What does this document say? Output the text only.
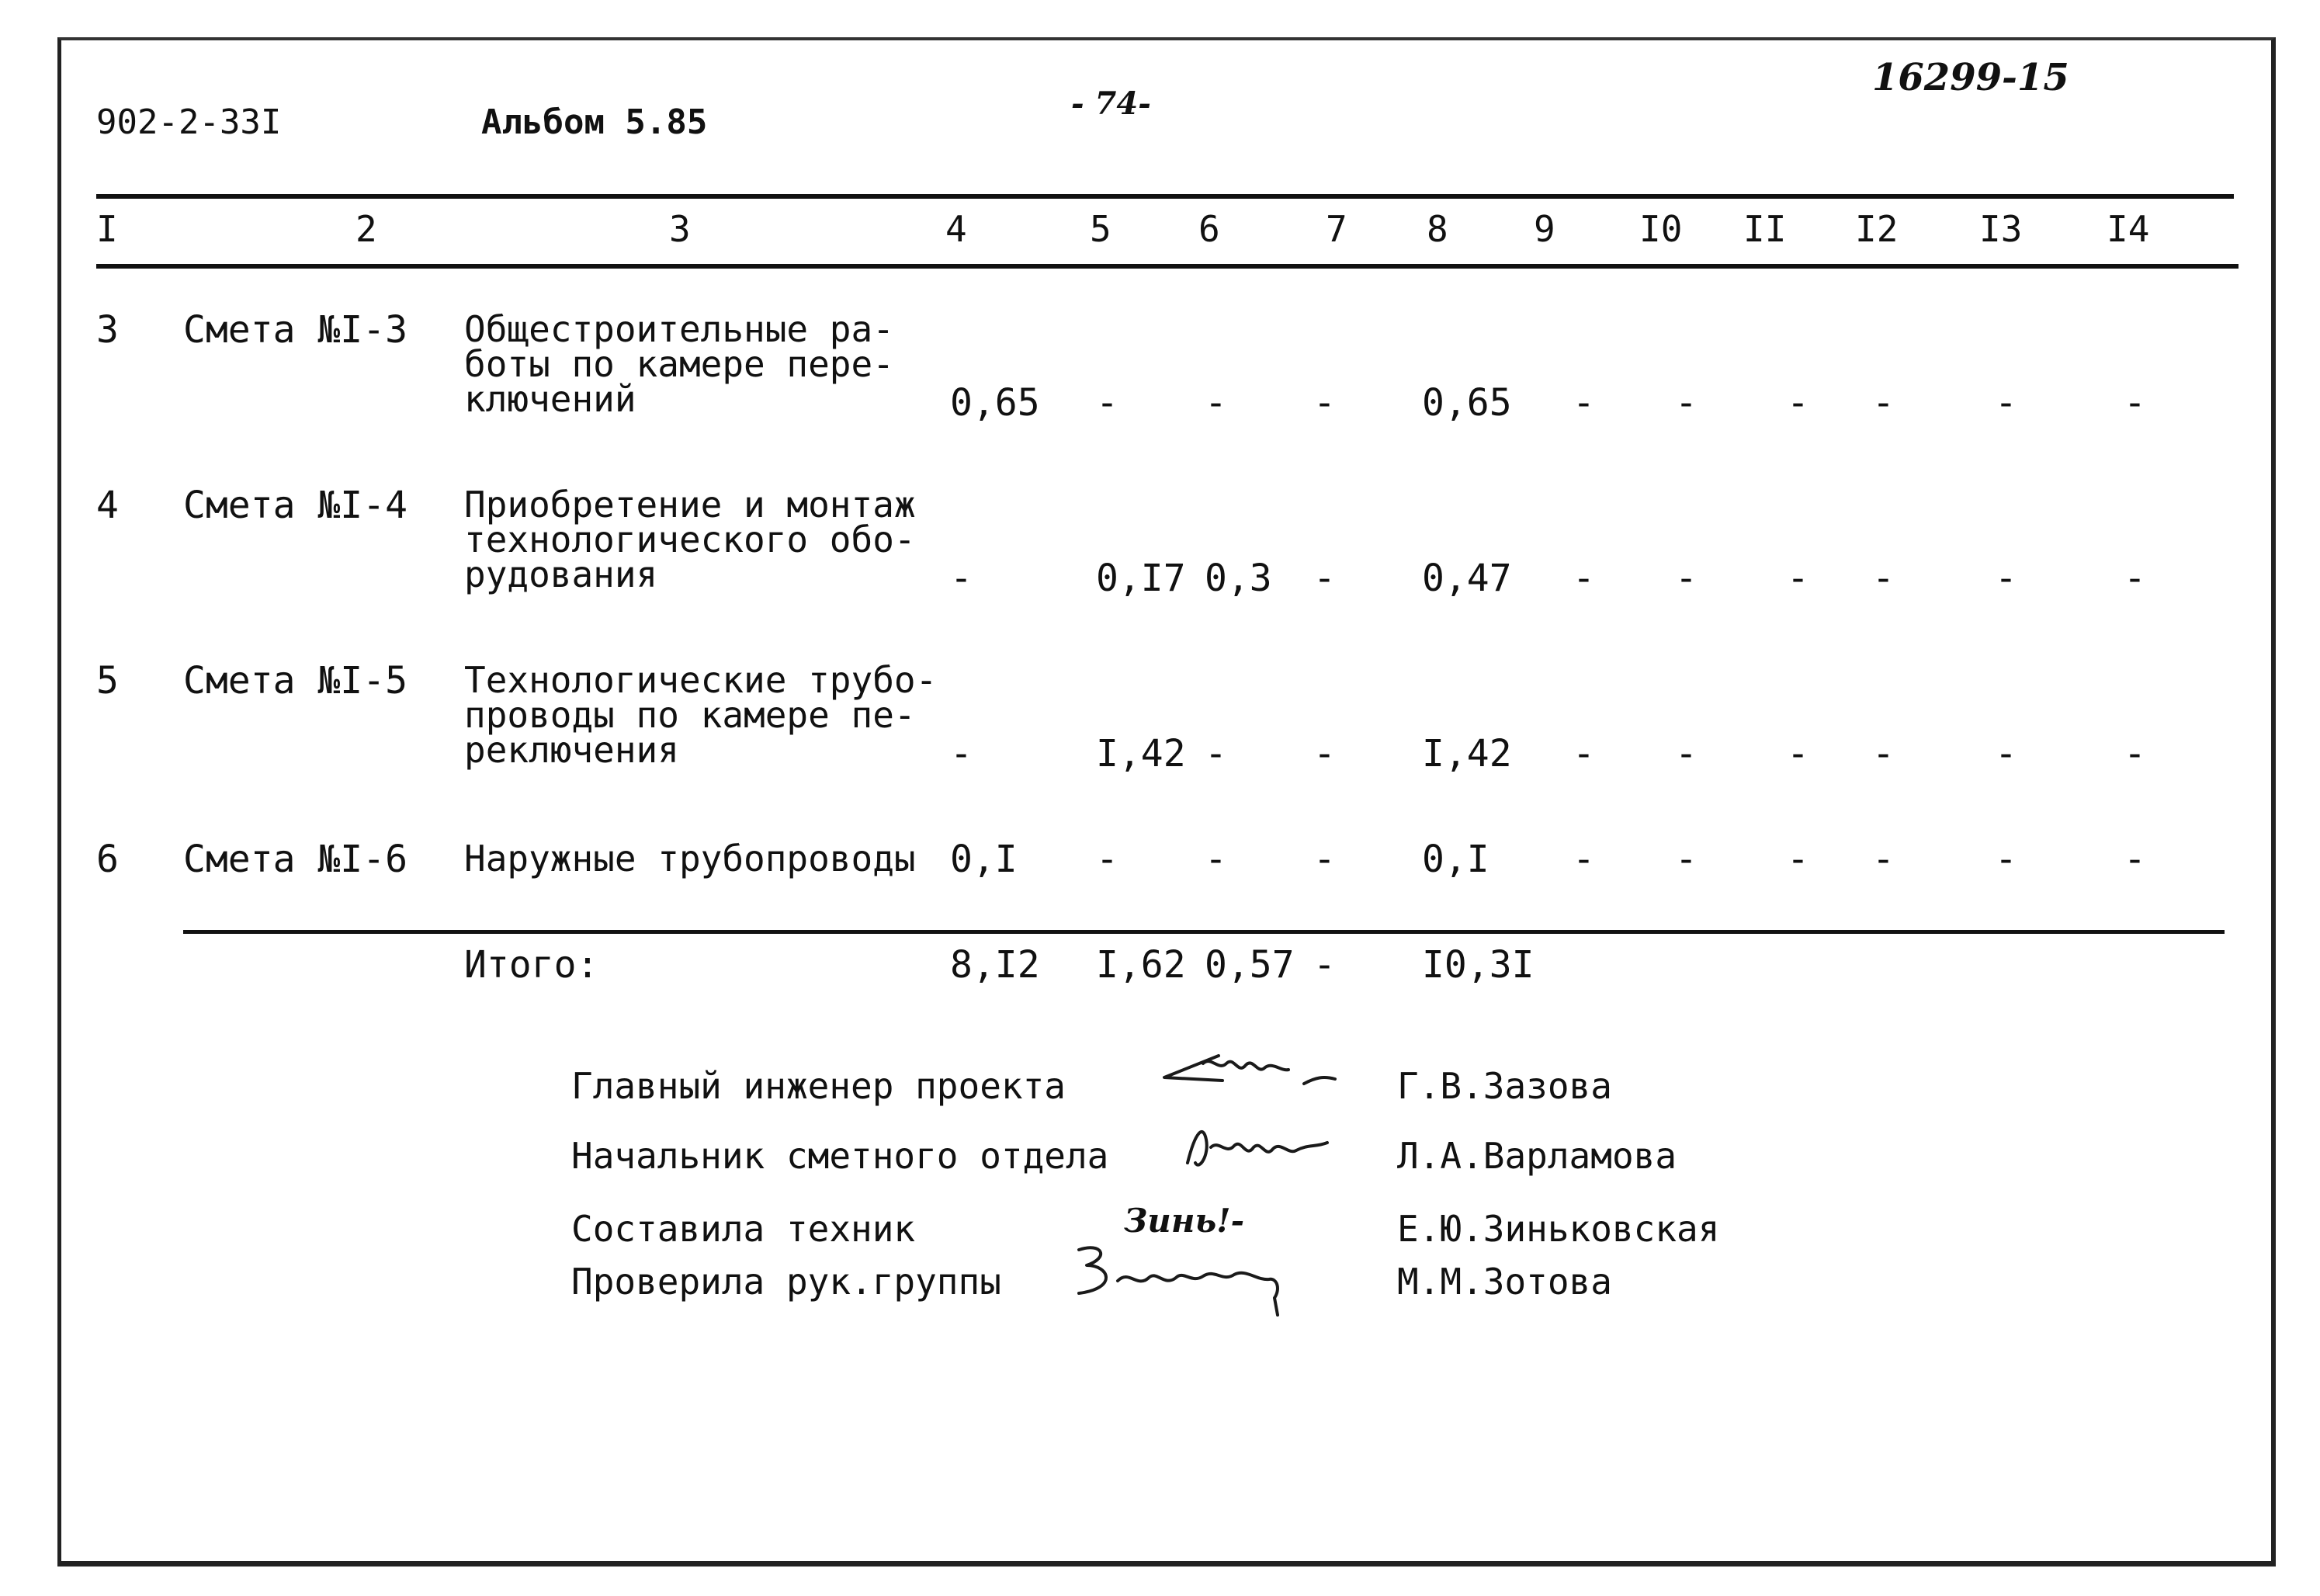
902-2-33I	Альбом 5.85	- 74-
16299-15
I	2	3	4	5 6	7 8 9 I0 II I2 I3 I4
3 Смета №I-3 Общестроительные ра-
боты по камере пере-
ключений	0,65 - - - 0,65 - - - -	-	-
4 Смета №I-4 Приобретение и монтаж
технологического обо-
рудования	-	0,I7 0,3 - 0,47 - - - -	-	-
5 Смета №I-5 Технологические трубо-
проводы по камере пе-
реключения	-	I,42 - - I,42 - - - -	-	-
6 Смета №I-6 Наружные трубопроводы 0,I - - - 0,I - - - -	-	-
Итого:	8,I2 I,62 0,57 - I0,3I
Главный инженер проекта	Г.В.Зазова
Начальник сметного отдела	Л.А.Варламова
Составила техник	Е.Ю.Зиньковская
Зинь!-
Проверила рук.группы	М.М.Зотова
